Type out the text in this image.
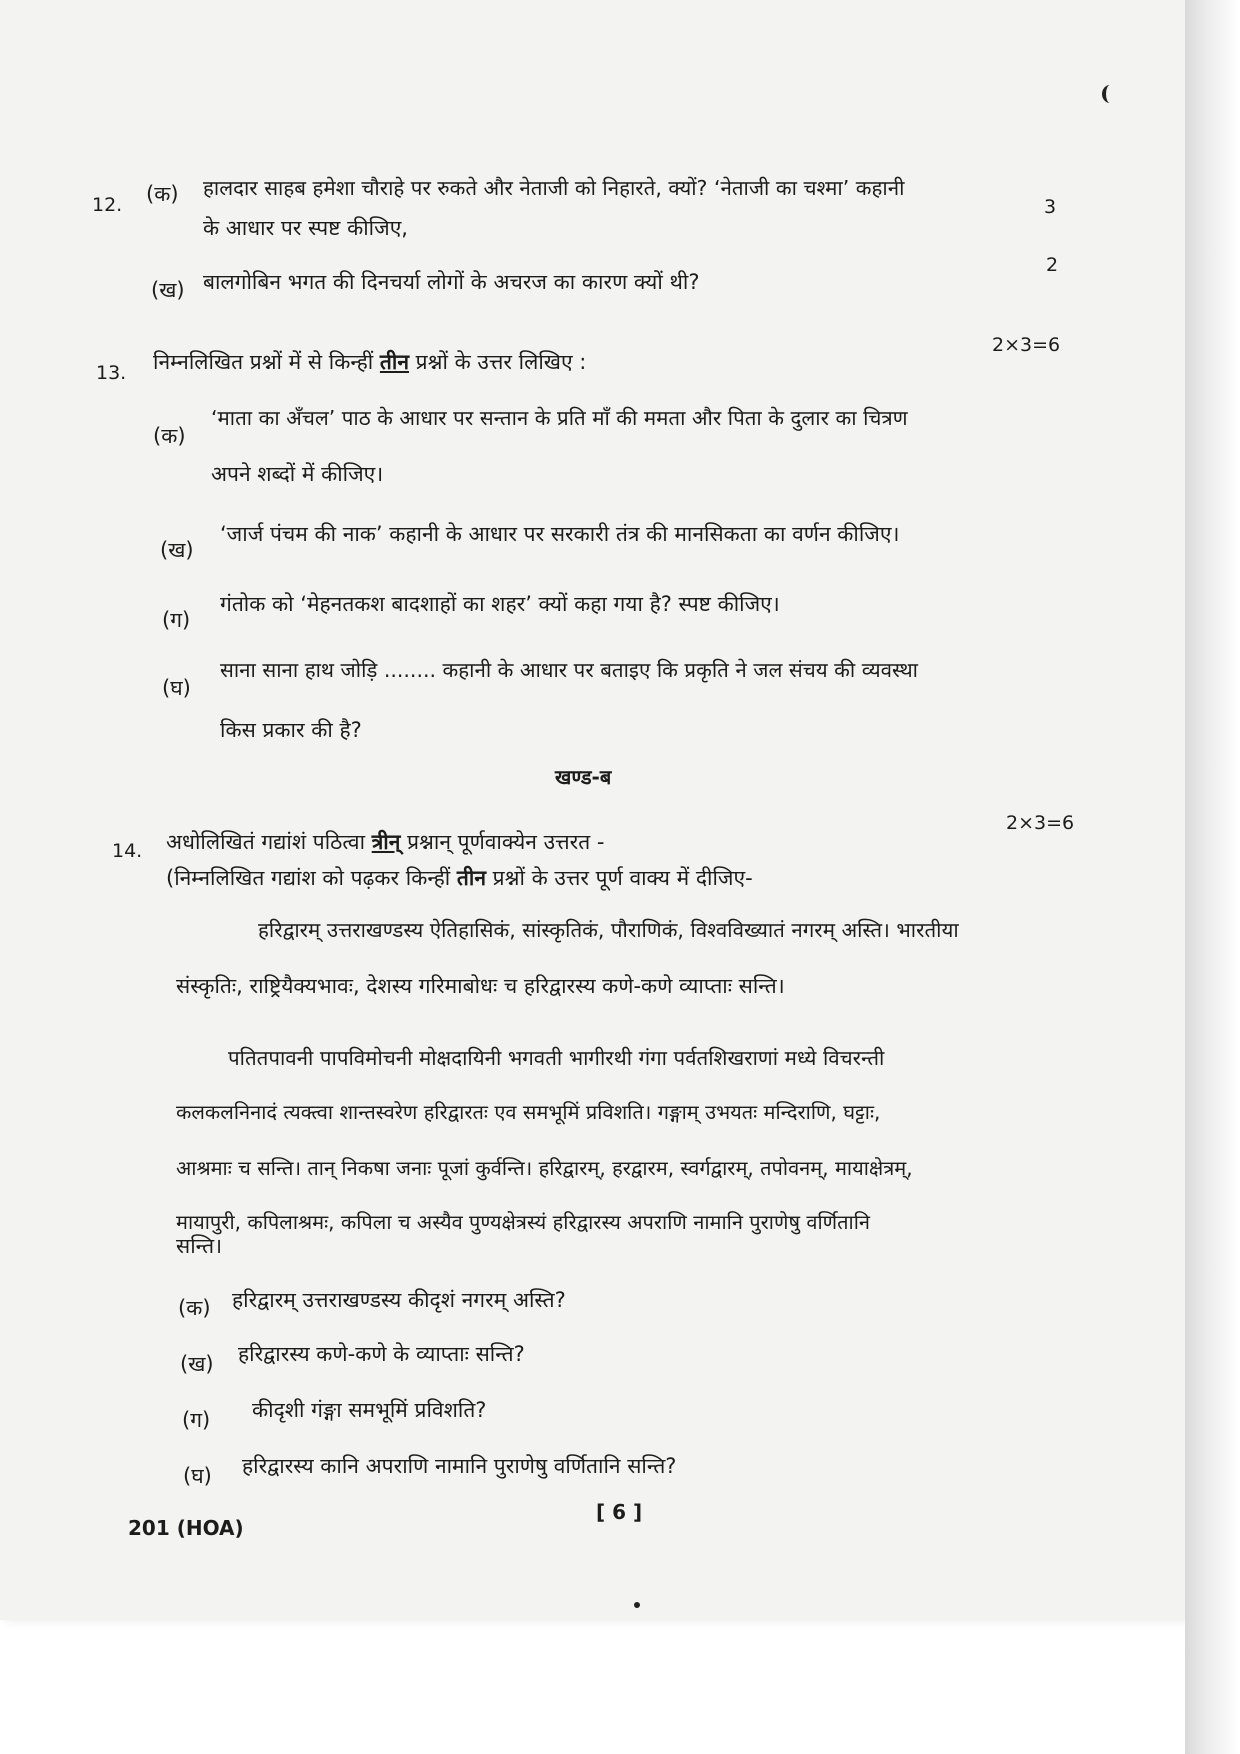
12. (क) हालदार साहब हमेशा चौराहे पर रुकते और नेताजी को निहारते, क्यों? ‘नेताजी का चश्मा’ कहानी
के आधार पर स्पष्ट कीजिए,
3
(ख) बालगोबिन भगत की दिनचर्या लोगों के अचरज का कारण क्यों थी?
2
13. निम्नलिखित प्रश्नों में से किन्हीं तीन प्रश्नों के उत्तर लिखिए :
2×3=6
(क)
‘माता का अँचल’ पाठ के आधार पर सन्तान के प्रति माँ की ममता और पिता के दुलार का चित्रण
अपने शब्दों में कीजिए।
(ख)
‘जार्ज पंचम की नाक’ कहानी के आधार पर सरकारी तंत्र की मानसिकता का वर्णन कीजिए।
(ग)
गंतोक को ‘मेहनतकश बादशाहों का शहर’ क्यों कहा गया है? स्पष्ट कीजिए।
(घ)
साना साना हाथ जोड़ि ........ कहानी के आधार पर बताइए कि प्रकृति ने जल संचय की व्यवस्था
किस प्रकार की है?
खण्ड-ब
14. अधोलिखितं गद्यांशं पठित्वा त्रीन् प्रश्नान् पूर्णवाक्येन उत्तरत -
2×3=6
(निम्नलिखित गद्यांश को पढ़कर किन्हीं तीन प्रश्नों के उत्तर पूर्ण वाक्य में दीजिए-
हरिद्वारम् उत्तराखण्डस्य ऐतिहासिकं, सांस्कृतिकं, पौराणिकं, विश्वविख्यातं नगरम् अस्ति। भारतीया
संस्कृतिः, राष्ट्रियैक्यभावः, देशस्य गरिमाबोधः च हरिद्वारस्य कणे-कणे व्याप्ताः सन्ति।
पतितपावनी पापविमोचनी मोक्षदायिनी भगवती भागीरथी गंगा पर्वतशिखराणां मध्ये विचरन्ती
कलकलनिनादं त्यक्त्वा शान्तस्वरेण हरिद्वारतः एव समभूमिं प्रविशति। गङ्गाम् उभयतः मन्दिराणि, घट्टाः,
आश्रमाः च सन्ति। तान् निकषा जनाः पूजां कुर्वन्ति। हरिद्वारम्, हरद्वारम, स्वर्गद्वारम्, तपोवनम्, मायाक्षेत्रम्,
मायापुरी, कपिलाश्रमः, कपिला च अस्यैव पुण्यक्षेत्रस्यं हरिद्वारस्य अपराणि नामानि पुराणेषु वर्णितानि
सन्ति।
(क) हरिद्वारम् उत्तराखण्डस्य कीदृशं नगरम् अस्ति?
(ख) हरिद्वारस्य कणे-कणे के व्याप्ताः सन्ति?
(ग) कीदृशी गंङ्गा समभूमिं प्रविशति?
(घ) हरिद्वारस्य कानि अपराणि नामानि पुराणेषु वर्णितानि सन्ति?
201 (HOA)
[ 6 ]
